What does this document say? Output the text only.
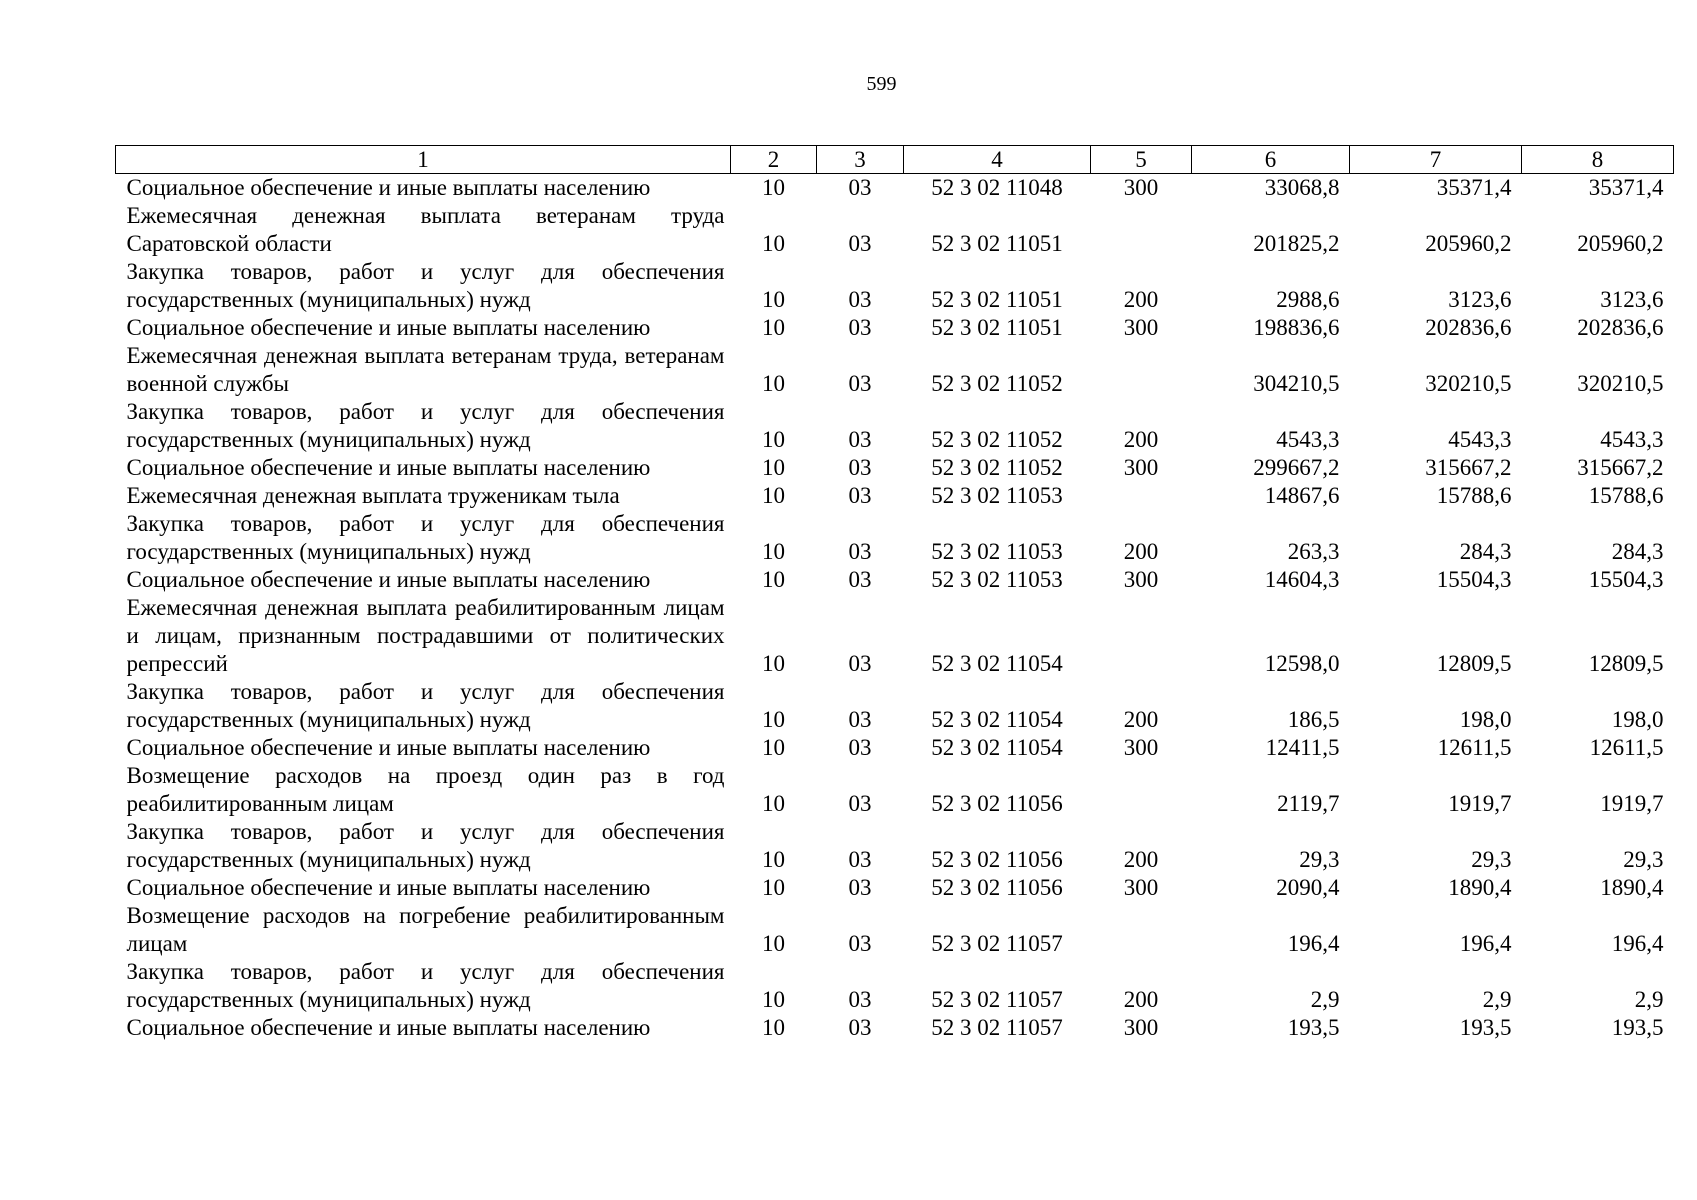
599
1	2	3	4	5	6	7	8
Социальное обеспечение и иные выплаты населению	10	03	52 3 02 11048	300	33068,8	35371,4	35371,4
Ежемесячная денежная выплата ветеранам труда Саратовской области	10	03	52 3 02 11051		201825,2	205960,2	205960,2
Закупка товаров, работ и услуг для обеспечения государственных (муниципальных) нужд	10	03	52 3 02 11051	200	2988,6	3123,6	3123,6
Социальное обеспечение и иные выплаты населению	10	03	52 3 02 11051	300	198836,6	202836,6	202836,6
Ежемесячная денежная выплата ветеранам труда, ветеранам военной службы	10	03	52 3 02 11052		304210,5	320210,5	320210,5
Закупка товаров, работ и услуг для обеспечения государственных (муниципальных) нужд	10	03	52 3 02 11052	200	4543,3	4543,3	4543,3
Социальное обеспечение и иные выплаты населению	10	03	52 3 02 11052	300	299667,2	315667,2	315667,2
Ежемесячная денежная выплата труженикам тыла	10	03	52 3 02 11053		14867,6	15788,6	15788,6
Закупка товаров, работ и услуг для обеспечения государственных (муниципальных) нужд	10	03	52 3 02 11053	200	263,3	284,3	284,3
Социальное обеспечение и иные выплаты населению	10	03	52 3 02 11053	300	14604,3	15504,3	15504,3
Ежемесячная денежная выплата реабилитированным лицам и лицам, признанным пострадавшими от политических репрессий	10	03	52 3 02 11054		12598,0	12809,5	12809,5
Закупка товаров, работ и услуг для обеспечения государственных (муниципальных) нужд	10	03	52 3 02 11054	200	186,5	198,0	198,0
Социальное обеспечение и иные выплаты населению	10	03	52 3 02 11054	300	12411,5	12611,5	12611,5
Возмещение расходов на проезд один раз в год реабилитированным лицам	10	03	52 3 02 11056		2119,7	1919,7	1919,7
Закупка товаров, работ и услуг для обеспечения государственных (муниципальных) нужд	10	03	52 3 02 11056	200	29,3	29,3	29,3
Социальное обеспечение и иные выплаты населению	10	03	52 3 02 11056	300	2090,4	1890,4	1890,4
Возмещение расходов на погребение реабилитированным лицам	10	03	52 3 02 11057		196,4	196,4	196,4
Закупка товаров, работ и услуг для обеспечения государственных (муниципальных) нужд	10	03	52 3 02 11057	200	2,9	2,9	2,9
Социальное обеспечение и иные выплаты населению	10	03	52 3 02 11057	300	193,5	193,5	193,5
